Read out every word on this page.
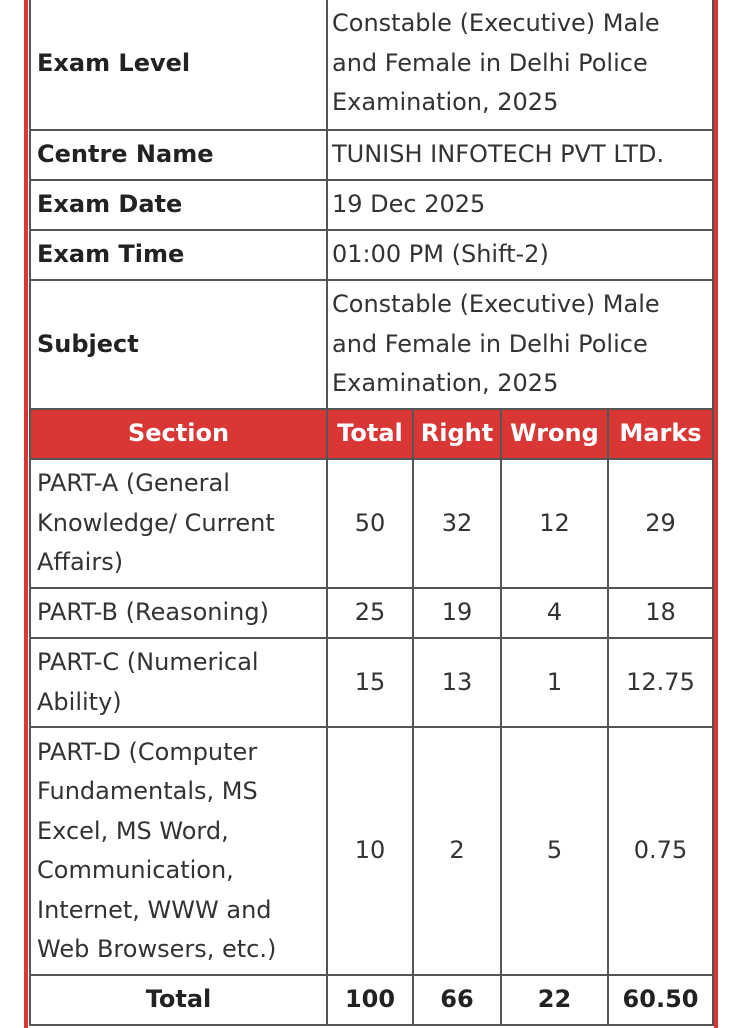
Exam Level	Constable (Executive) Male and Female in Delhi Police Examination, 2025			
Centre Name	TUNISH INFOTECH PVT LTD.			
Exam Date	19 Dec 2025			
Exam Time	01:00 PM (Shift-2)			
Subject	Constable (Executive) Male and Female in Delhi Police Examination, 2025			
Section	Total	Right	Wrong	Marks
PART-A (General Knowledge/ Current Affairs)	50	32	12	29
PART-B (Reasoning)	25	19	4	18
PART-C (Numerical Ability)	15	13	1	12.75
PART-D (Computer Fundamentals, MS Excel, MS Word, Communication, Internet, WWW and Web Browsers, etc.)	10	2	5	0.75
Total	100	66	22	60.50
